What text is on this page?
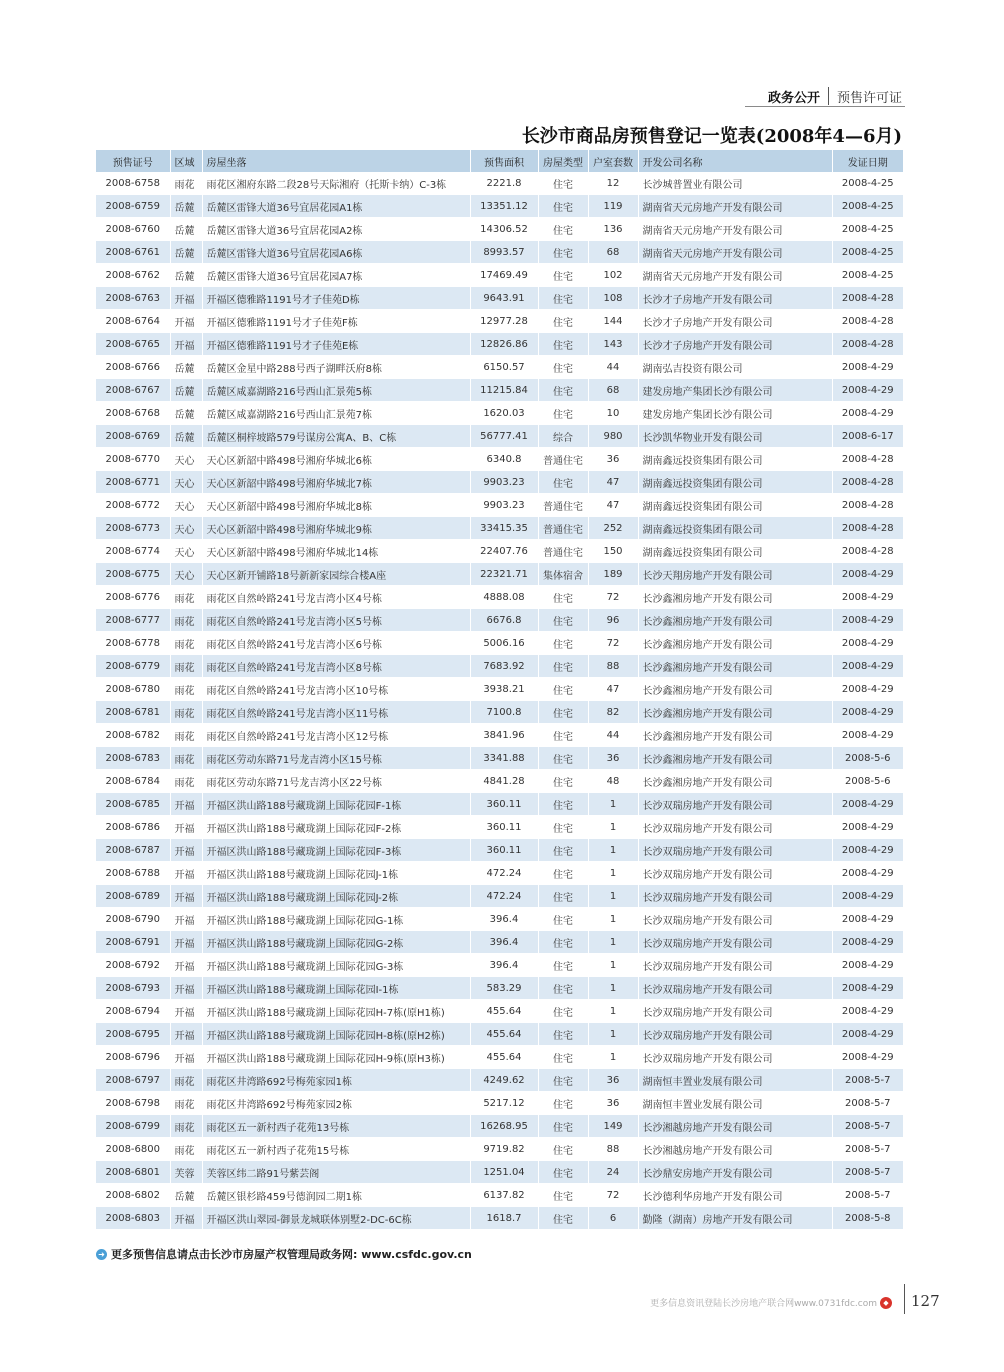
政务公开	预售许可证
长沙市商品房预售登记一览表(2008年4—6月)
预售证号	区域	房屋坐落	预售面积	房屋类型	户室套数	开发公司名称	发证日期
2008-6758	雨花	雨花区湘府东路二段28号天际湘府（托斯卡纳）C-3栋	2221.8	住宅	12	长沙城普置业有限公司	2008-4-25
2008-6759	岳麓	岳麓区雷锋大道36号宜居花园A1栋	13351.12	住宅	119	湖南省天元房地产开发有限公司	2008-4-25
2008-6760	岳麓	岳麓区雷锋大道36号宜居花园A2栋	14306.52	住宅	136	湖南省天元房地产开发有限公司	2008-4-25
2008-6761	岳麓	岳麓区雷锋大道36号宜居花园A6栋	8993.57	住宅	68	湖南省天元房地产开发有限公司	2008-4-25
2008-6762	岳麓	岳麓区雷锋大道36号宜居花园A7栋	17469.49	住宅	102	湖南省天元房地产开发有限公司	2008-4-25
2008-6763	开福	开福区德雅路1191号才子佳苑D栋	9643.91	住宅	108	长沙才子房地产开发有限公司	2008-4-28
2008-6764	开福	开福区德雅路1191号才子佳苑F栋	12977.28	住宅	144	长沙才子房地产开发有限公司	2008-4-28
2008-6765	开福	开福区德雅路1191号才子佳苑E栋	12826.86	住宅	143	长沙才子房地产开发有限公司	2008-4-28
2008-6766	岳麓	岳麓区金星中路288号西子湖畔沃府8栋	6150.57	住宅	44	湖南弘吉投资有限公司	2008-4-29
2008-6767	岳麓	岳麓区咸嘉湖路216号西山汇景苑5栋	11215.84	住宅	68	建发房地产集团长沙有限公司	2008-4-29
2008-6768	岳麓	岳麓区咸嘉湖路216号西山汇景苑7栋	1620.03	住宅	10	建发房地产集团长沙有限公司	2008-4-29
2008-6769	岳麓	岳麓区桐梓坡路579号谋房公寓A、B、C栋	56777.41	综合	980	长沙凯华物业开发有限公司	2008-6-17
2008-6770	天心	天心区新韶中路498号湘府华城北6栋	6340.8	普通住宅	36	湖南鑫远投资集团有限公司	2008-4-28
2008-6771	天心	天心区新韶中路498号湘府华城北7栋	9903.23	住宅	47	湖南鑫远投资集团有限公司	2008-4-28
2008-6772	天心	天心区新韶中路498号湘府华城北8栋	9903.23	普通住宅	47	湖南鑫远投资集团有限公司	2008-4-28
2008-6773	天心	天心区新韶中路498号湘府华城北9栋	33415.35	普通住宅	252	湖南鑫远投资集团有限公司	2008-4-28
2008-6774	天心	天心区新韶中路498号湘府华城北14栋	22407.76	普通住宅	150	湖南鑫远投资集团有限公司	2008-4-28
2008-6775	天心	天心区新开铺路18号新新家园综合楼A座	22321.71	集体宿舍	189	长沙天翔房地产开发有限公司	2008-4-29
2008-6776	雨花	雨花区自然岭路241号龙吉湾小区4号栋	4888.08	住宅	72	长沙鑫湘房地产开发有限公司	2008-4-29
2008-6777	雨花	雨花区自然岭路241号龙吉湾小区5号栋	6676.8	住宅	96	长沙鑫湘房地产开发有限公司	2008-4-29
2008-6778	雨花	雨花区自然岭路241号龙吉湾小区6号栋	5006.16	住宅	72	长沙鑫湘房地产开发有限公司	2008-4-29
2008-6779	雨花	雨花区自然岭路241号龙吉湾小区8号栋	7683.92	住宅	88	长沙鑫湘房地产开发有限公司	2008-4-29
2008-6780	雨花	雨花区自然岭路241号龙吉湾小区10号栋	3938.21	住宅	47	长沙鑫湘房地产开发有限公司	2008-4-29
2008-6781	雨花	雨花区自然岭路241号龙吉湾小区11号栋	7100.8	住宅	82	长沙鑫湘房地产开发有限公司	2008-4-29
2008-6782	雨花	雨花区自然岭路241号龙吉湾小区12号栋	3841.96	住宅	44	长沙鑫湘房地产开发有限公司	2008-4-29
2008-6783	雨花	雨花区劳动东路71号龙吉湾小区15号栋	3341.88	住宅	36	长沙鑫湘房地产开发有限公司	2008-5-6
2008-6784	雨花	雨花区劳动东路71号龙吉湾小区22号栋	4841.28	住宅	48	长沙鑫湘房地产开发有限公司	2008-5-6
2008-6785	开福	开福区洪山路188号藏珑湖上国际花园F-1栋	360.11	住宅	1	长沙双瑞房地产开发有限公司	2008-4-29
2008-6786	开福	开福区洪山路188号藏珑湖上国际花园F-2栋	360.11	住宅	1	长沙双瑞房地产开发有限公司	2008-4-29
2008-6787	开福	开福区洪山路188号藏珑湖上国际花园F-3栋	360.11	住宅	1	长沙双瑞房地产开发有限公司	2008-4-29
2008-6788	开福	开福区洪山路188号藏珑湖上国际花园J-1栋	472.24	住宅	1	长沙双瑞房地产开发有限公司	2008-4-29
2008-6789	开福	开福区洪山路188号藏珑湖上国际花园J-2栋	472.24	住宅	1	长沙双瑞房地产开发有限公司	2008-4-29
2008-6790	开福	开福区洪山路188号藏珑湖上国际花园G-1栋	396.4	住宅	1	长沙双瑞房地产开发有限公司	2008-4-29
2008-6791	开福	开福区洪山路188号藏珑湖上国际花园G-2栋	396.4	住宅	1	长沙双瑞房地产开发有限公司	2008-4-29
2008-6792	开福	开福区洪山路188号藏珑湖上国际花园G-3栋	396.4	住宅	1	长沙双瑞房地产开发有限公司	2008-4-29
2008-6793	开福	开福区洪山路188号藏珑湖上国际花园I-1栋	583.29	住宅	1	长沙双瑞房地产开发有限公司	2008-4-29
2008-6794	开福	开福区洪山路188号藏珑湖上国际花园H-7栋(原H1栋)	455.64	住宅	1	长沙双瑞房地产开发有限公司	2008-4-29
2008-6795	开福	开福区洪山路188号藏珑湖上国际花园H-8栋(原H2栋)	455.64	住宅	1	长沙双瑞房地产开发有限公司	2008-4-29
2008-6796	开福	开福区洪山路188号藏珑湖上国际花园H-9栋(原H3栋)	455.64	住宅	1	长沙双瑞房地产开发有限公司	2008-4-29
2008-6797	雨花	雨花区井湾路692号梅苑家园1栋	4249.62	住宅	36	湖南恒丰置业发展有限公司	2008-5-7
2008-6798	雨花	雨花区井湾路692号梅苑家园2栋	5217.12	住宅	36	湖南恒丰置业发展有限公司	2008-5-7
2008-6799	雨花	雨花区五一新村西子花苑13号栋	16268.95	住宅	149	长沙湘越房地产开发有限公司	2008-5-7
2008-6800	雨花	雨花区五一新村西子花苑15号栋	9719.82	住宅	88	长沙湘越房地产开发有限公司	2008-5-7
2008-6801	芙蓉	芙蓉区纬二路91号紫芸阁	1251.04	住宅	24	长沙鼎安房地产开发有限公司	2008-5-7
2008-6802	岳麓	岳麓区银杉路459号德润园二期1栋	6137.82	住宅	72	长沙德利华房地产开发有限公司	2008-5-7
2008-6803	开福	开福区洪山翠园-御景龙城联体别墅2-DC-6C栋	1618.7	住宅	6	勤隆（湖南）房地产开发有限公司	2008-5-8
➜ 更多预售信息请点击长沙市房屋产权管理局政务网: www.csfdc.gov.cn
更多信息资讯登陆长沙房地产联合网www.0731fdc.com ◆ 127
